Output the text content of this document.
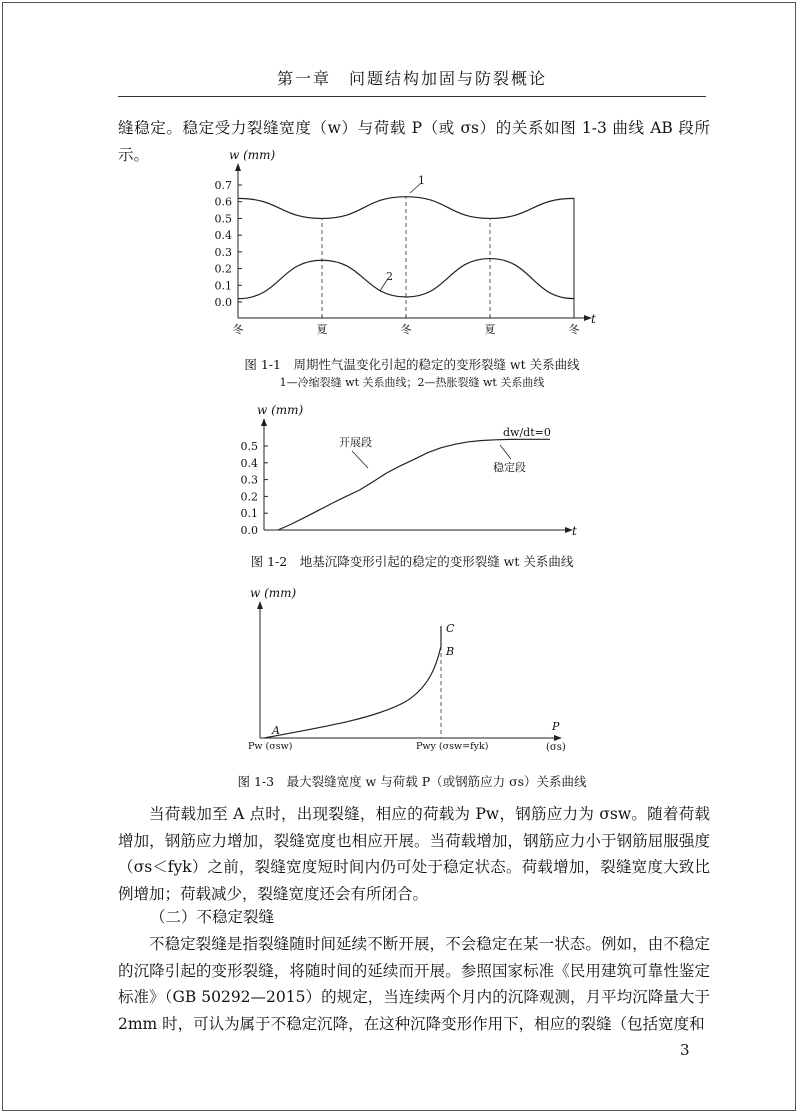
第一章　问题结构加固与防裂概论
缝稳定。稳定受力裂缝宽度（w）与荷载 P（或 σs）的关系如图 1-3 曲线 AB 段所示。	w (mm)
t
0.0
0.1
0.2
0.3
0.4
0.5
0.6
0.7
冬	夏	冬	夏	冬
1
2
w (mm)
t
0.0
0.1
0.2
0.3
0.4
0.5	开展段
dw/dt=0
稳定段
w (mm)
P
(σs)
A
B
C
Pw (σsw)	Pwy (σsw=fyk)
图 1-1　周期性气温变化引起的稳定的变形裂缝 wt 关系曲线
1—冷缩裂缝 wt 关系曲线；2—热胀裂缝 wt 关系曲线
图 1-2　地基沉降变形引起的稳定的变形裂缝 wt 关系曲线
图 1-3　最大裂缝宽度 w 与荷载 P（或钢筋应力 σs）关系曲线
当荷载加至 A 点时，出现裂缝，相应的荷载为 Pw，钢筋应力为 σsw。随着荷载增加，钢筋应力增加，裂缝宽度也相应开展。当荷载增加，钢筋应力小于钢筋屈服强度（σs＜fyk）之前，裂缝宽度短时间内仍可处于稳定状态。荷载增加，裂缝宽度大致比例增加；荷载减少，裂缝宽度还会有所闭合。
（二）不稳定裂缝
不稳定裂缝是指裂缝随时间延续不断开展，不会稳定在某一状态。例如，由不稳定的沉降引起的变形裂缝，将随时间的延续而开展。参照国家标准《民用建筑可靠性鉴定标准》（GB 50292—2015）的规定，当连续两个月内的沉降观测，月平均沉降量大于 2mm 时，可认为属于不稳定沉降，在这种沉降变形作用下，相应的裂缝（包括宽度和
3
